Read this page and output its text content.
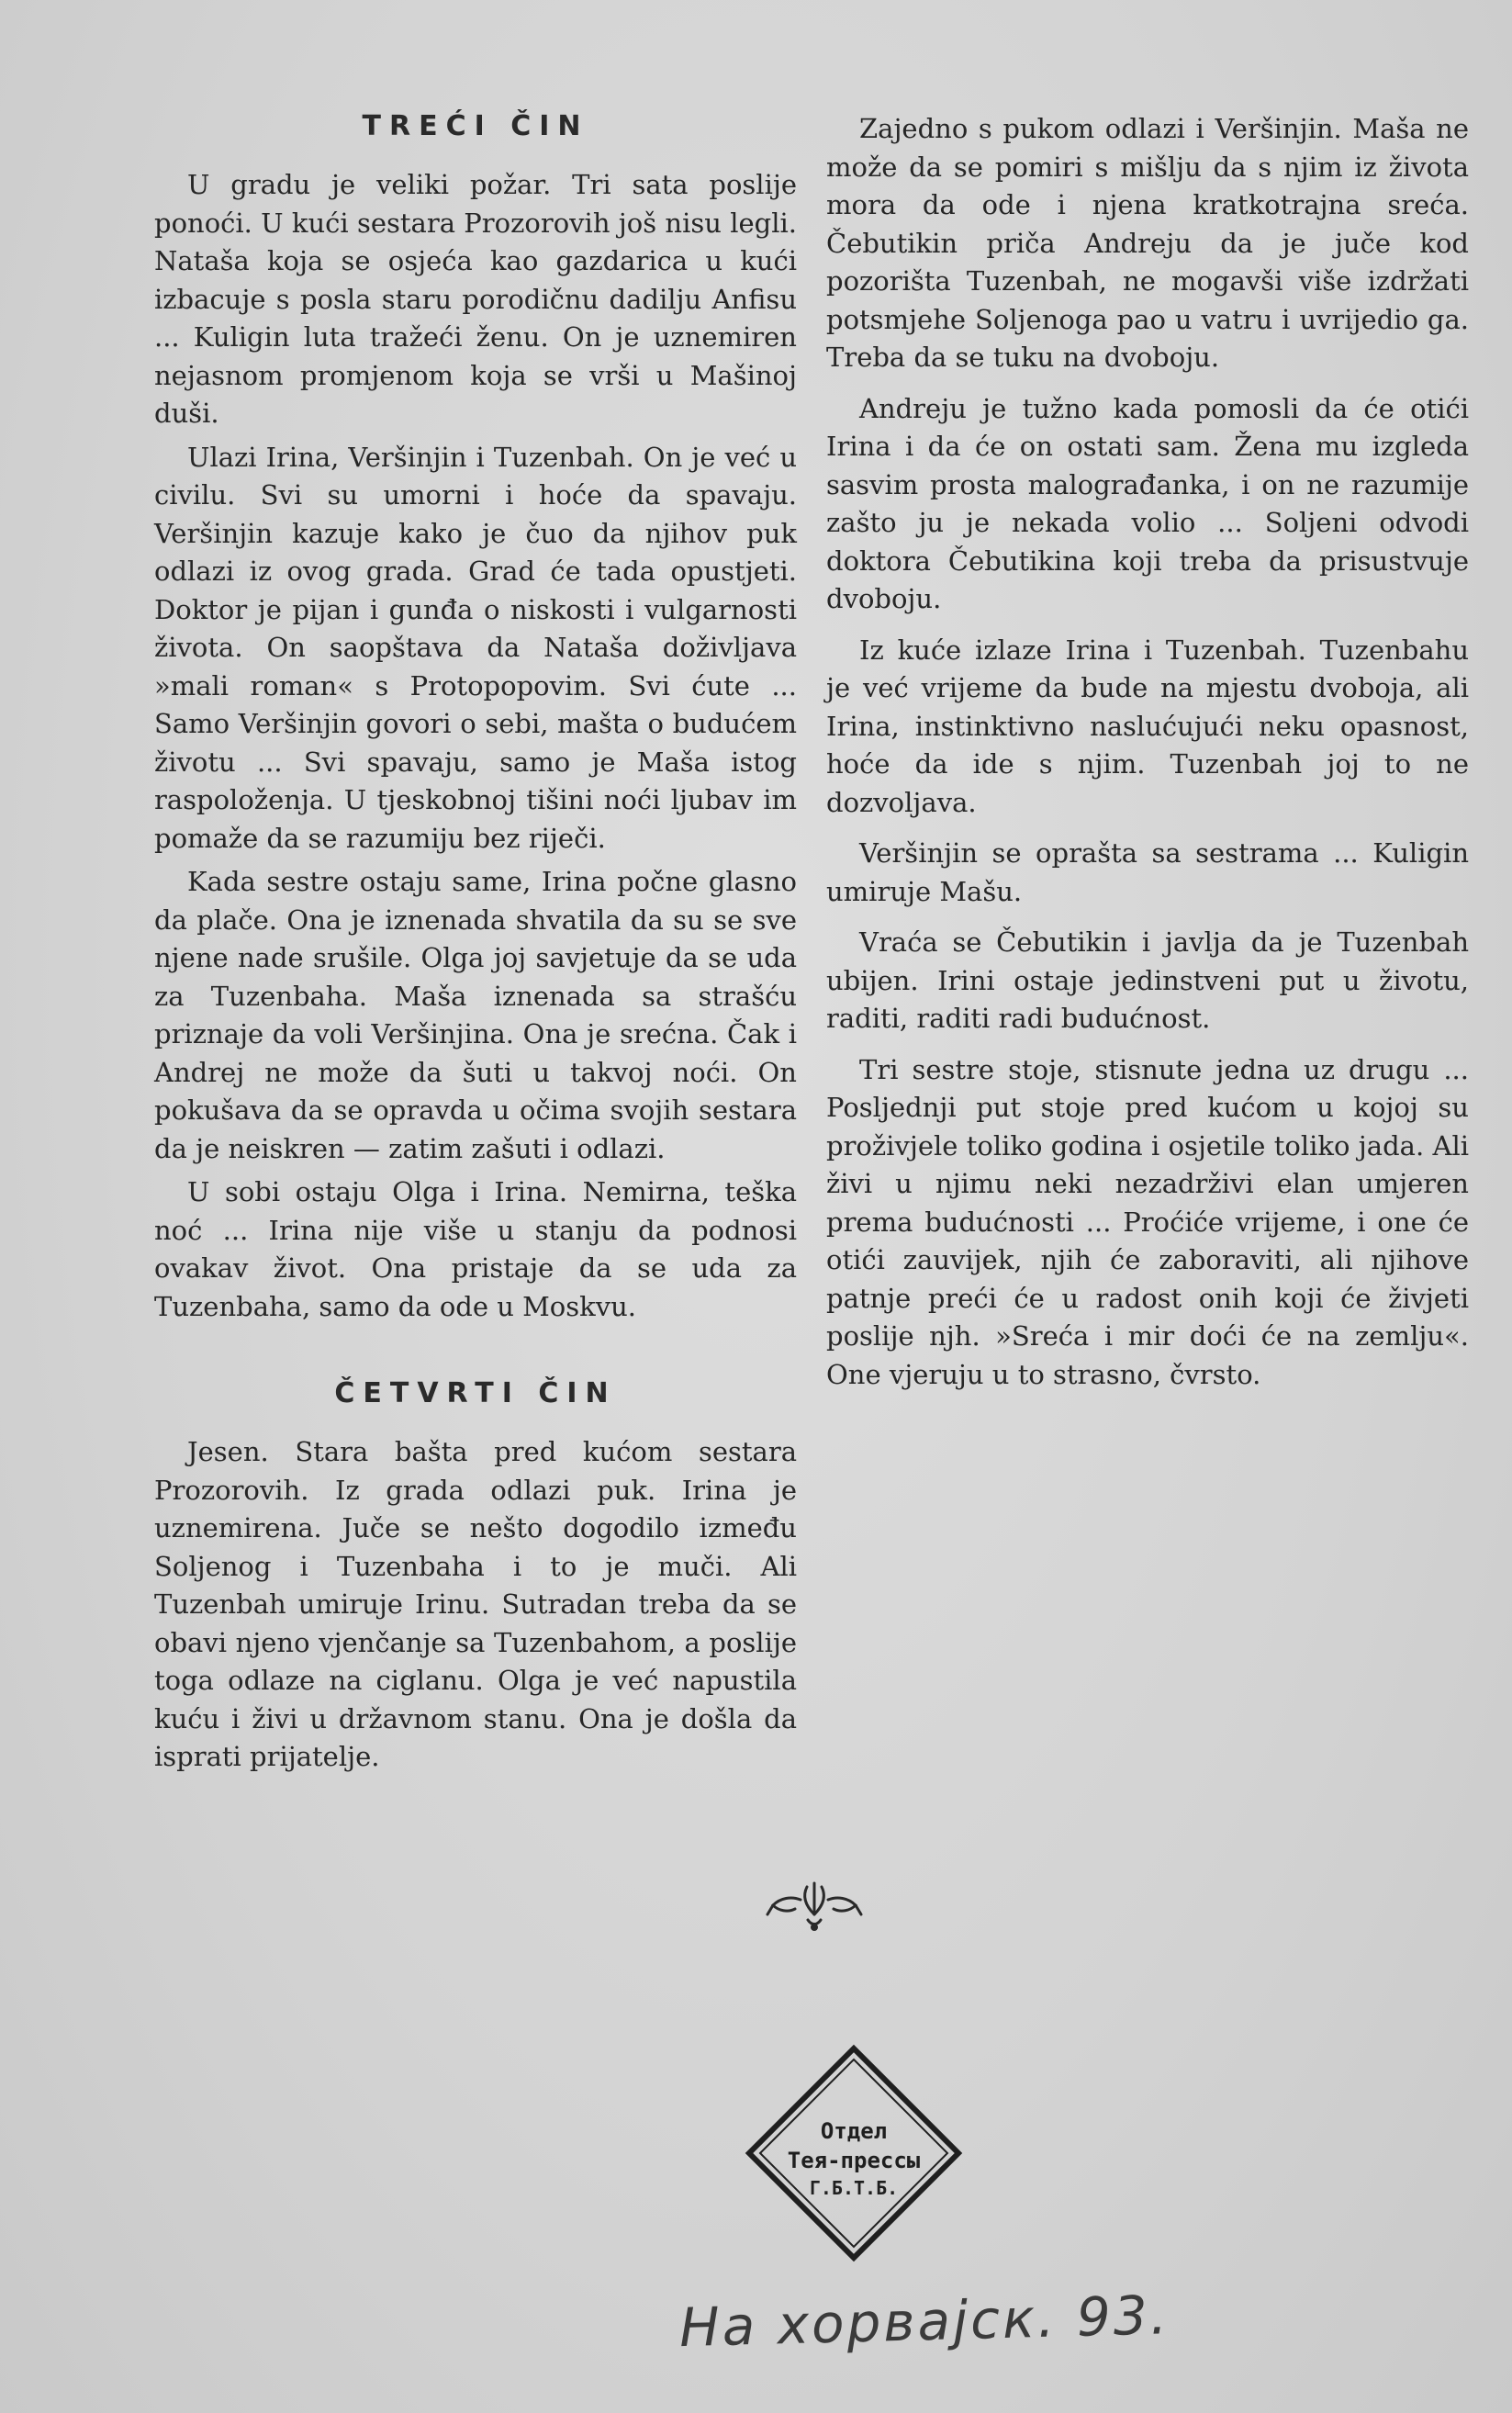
TREĆI ČIN

U gradu je veliki požar. Tri sata poslije ponoći. U kući sestara Prozorovih još nisu legli. Nataša koja se osjeća kao gazdarica u kući izbacuje s posla staru porodičnu dadilju Anfisu ... Kuligin luta tražeći ženu. On je uznemiren nejasnom promjenom koja se vrši u Mašinoj duši.

Ulazi Irina, Veršinjin i Tuzenbah. On je već u civilu. Svi su umorni i hoće da spavaju. Veršinjin kazuje kako je čuo da njihov puk odlazi iz ovog grada. Grad će tada opustjeti. Doktor je pijan i gunđa o niskosti i vulgarnosti života. On saopštava da Nataša doživljava »mali roman« s Protopopovim. Svi ćute ... Samo Veršinjin govori o sebi, mašta o budućem životu ... Svi spavaju, samo je Maša istog raspoloženja. U tjeskobnoj tišini noći ljubav im pomaže da se razumiju bez riječi.

Kada sestre ostaju same, Irina počne glasno da plače. Ona je iznenada shvatila da su se sve njene nade srušile. Olga joj savjetuje da se uda za Tuzenbaha. Maša iznenada sa strašću priznaje da voli Veršinjina. Ona je srećna. Čak i Andrej ne može da šuti u takvoj noći. On pokušava da se opravda u očima svojih sestara da je neiskren — zatim zašuti i odlazi.

U sobi ostaju Olga i Irina. Nemirna, teška noć ... Irina nije više u stanju da podnosi ovakav život. Ona pristaje da se uda za Tuzenbaha, samo da ode u Moskvu.

ČETVRTI ČIN

Jesen. Stara bašta pred kućom sestara Prozorovih. Iz grada odlazi puk. Irina je uznemirena. Juče se nešto dogodilo između Soljenog i Tuzenbaha i to je muči. Ali Tuzenbah umiruje Irinu. Sutradan treba da se obavi njeno vjenčanje sa Tuzenbahom, a poslije toga odlaze na ciglanu. Olga je već napustila kuću i živi u državnom stanu. Ona je došla da isprati prijatelje.

Zajedno s pukom odlazi i Veršinjin. Maša ne može da se pomiri s mišlju da s njim iz života mora da ode i njena kratkotrajna sreća. Čebutikin priča Andreju da je juče kod pozorišta Tuzenbah, ne mogavši više izdržati potsmjehe Soljenoga pao u vatru i uvrijedio ga. Treba da se tuku na dvoboju.

Andreju je tužno kada pomosli da će otići Irina i da će on ostati sam. Žena mu izgleda sasvim prosta malograđanka, i on ne razumije zašto ju je nekada volio ... Soljeni odvodi doktora Čebutikina koji treba da prisustvuje dvoboju.

Iz kuće izlaze Irina i Tuzenbah. Tuzenbahu je već vrijeme da bude na mjestu dvoboja, ali Irina, instinktivno naslućujući neku opasnost, hoće da ide s njim. Tuzenbah joj to ne dozvoljava.

Veršinjin se oprašta sa sestrama ... Kuligin umiruje Mašu.

Vraća se Čebutikin i javlja da je Tuzenbah ubijen. Irini ostaje jedinstveni put u životu, raditi, raditi radi budućnost.

Tri sestre stoje, stisnute jedna uz drugu ... Posljednji put stoje pred kućom u kojoj su proživjele toliko godina i osjetile toliko jada. Ali živi u njimu neki nezadrživi elan umjeren prema budućnosti ... Proćiće vrijeme, i one će otići zauvijek, njih će zaboraviti, ali njihove patnje preći će u radost onih koji će živjeti poslije njh. »Sreća i mir doći će na zemlju«. One vjeruju u to strasno, čvrsto.

Отдел
Тея-прессы
Г.Б.Т.Б.
На хорвајск. 93.
